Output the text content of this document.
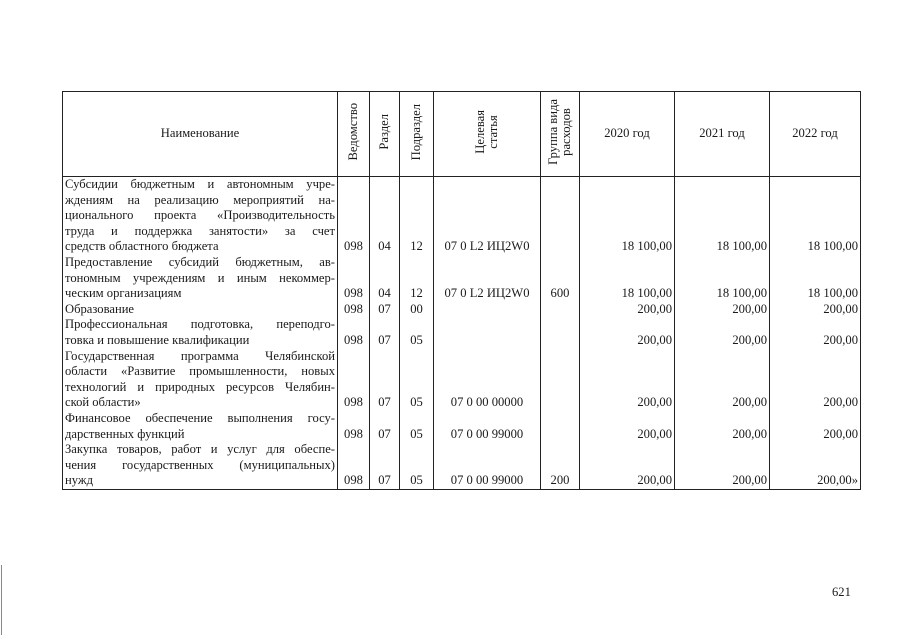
Наименование	Ведомство	Раздел	Подраздел	Целевая
статья	Группа вида
расходов	2020 год	2021 год	2022 год

Субсидии бюджетным и автономным учре-
ждениям на реализацию мероприятий на-
ционального проекта «Производительность
труда и поддержка занятости» за счет
средств областного бюджета	098	04	12	07 0 L2 ИЦ2W0		18 100,00	18 100,00	18 100,00

Предоставление субсидий бюджетным, ав-
тономным учреждениям и иным некоммер-
ческим организациям	098	04	12	07 0 L2 ИЦ2W0	600	18 100,00	18 100,00	18 100,00

Образование	098	07	00			200,00	200,00	200,00

Профессиональная подготовка, переподго-
товка и повышение квалификации	098	07	05			200,00	200,00	200,00

Государственная программа Челябинской
области «Развитие промышленности, новых
технологий и природных ресурсов Челябин-
ской области»	098	07	05	07 0 00 00000		200,00	200,00	200,00

Финансовое обеспечение выполнения госу-
дарственных функций	098	07	05	07 0 00 99000		200,00	200,00	200,00

Закупка товаров, работ и услуг для обеспе-
чения государственных (муниципальных)
нужд	098	07	05	07 0 00 99000	200	200,00	200,00	200,00»
621
